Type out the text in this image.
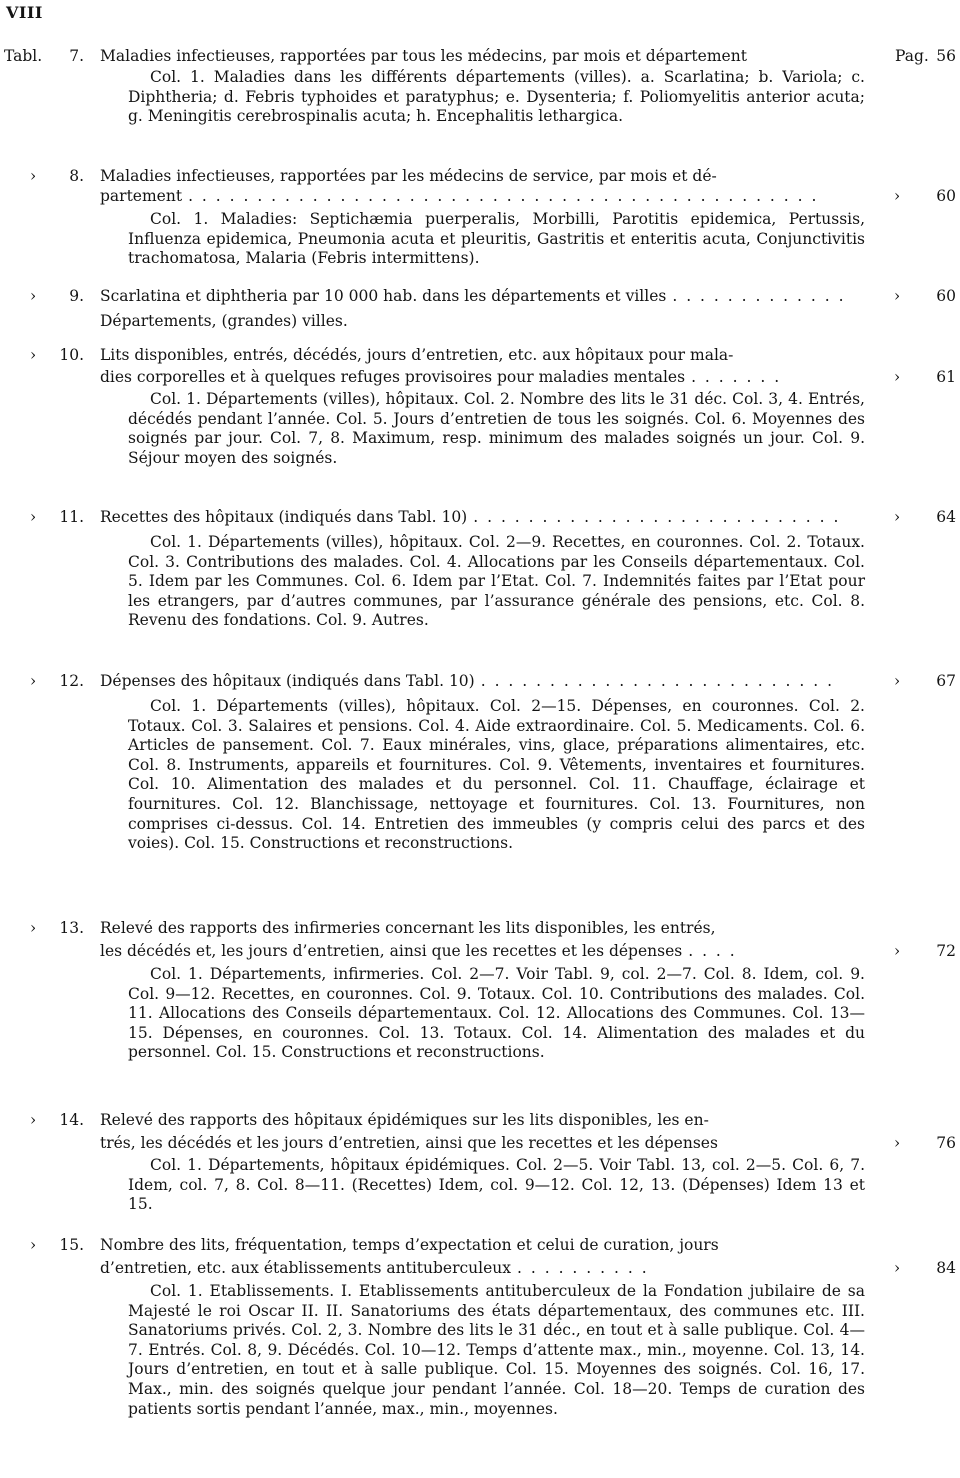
VIII
Tabl.	7. Maladies infectieuses, rapportées par tous les médecins, par mois et département	Pag. 56
Col. 1. Maladies dans les différents départements (villes). a. Scarlatina; b. Variola; c. Diphtheria; d. Febris typhoides et paratyphus; e. Dysenteria; f. Poliomyelitis anterior acuta; g. Meningitis cerebrospinalis acuta; h. Encephalitis lethargica.
›	8. Maladies infectieuses, rapportées par les médecins de service, par mois et dé-
partement . . . . . . . . . . . . . . . . . . . . . . . . . . . . . . . . . . . . . . . . . . . . . .	› 60
Col. 1. Maladies: Septichæmia puerperalis, Morbilli, Parotitis epidemica, Pertussis, Influenza epidemica, Pneumonia acuta et pleuritis, Gastritis et enteritis acuta, Conjunctivitis trachomatosa, Malaria (Febris intermittens).
›	9. Scarlatina et diphtheria par 10 000 hab. dans les départements et villes . . . . . . . . . . . . .	› 60
Départements, (grandes) villes.
› 10. Lits disponibles, entrés, décédés, jours d’entretien, etc. aux hôpitaux pour mala-
dies corporelles et à quelques refuges provisoires pour maladies mentales . . . . . . .	› 61
Col. 1. Départements (villes), hôpitaux. Col. 2. Nombre des lits le 31 déc. Col. 3, 4. Entrés, décédés pendant l’année. Col. 5. Jours d’entretien de tous les soignés. Col. 6. Moyennes des soignés par jour. Col. 7, 8. Maximum, resp. minimum des malades soignés un jour. Col. 9. Séjour moyen des soignés.
› 11. Recettes des hôpitaux (indiqués dans Tabl. 10) . . . . . . . . . . . . . . . . . . . . . . . . . . .	› 64
Col. 1. Départements (villes), hôpitaux. Col. 2—9. Recettes, en couronnes. Col. 2. Totaux. Col. 3. Contributions des malades. Col. 4. Allocations par les Conseils départementaux. Col. 5. Idem par les Communes. Col. 6. Idem par l’Etat. Col. 7. Indemnités faites par l’Etat pour les etrangers, par d’autres communes, par l’assurance générale des pensions, etc. Col. 8. Revenu des fondations. Col. 9. Autres.
› 12. Dépenses des hôpitaux (indiqués dans Tabl. 10) . . . . . . . . . . . . . . . . . . . . . . . . . .	› 67
Col. 1. Départements (villes), hôpitaux. Col. 2—15. Dépenses, en couronnes. Col. 2. Totaux. Col. 3. Salaires et pensions. Col. 4. Aide extraordinaire. Col. 5. Medicaments. Col. 6. Articles de pansement. Col. 7. Eaux minérales, vins, glace, préparations alimentaires, etc. Col. 8. Instruments, appareils et fournitures. Col. 9. Vêtements, inventaires et fournitures. Col. 10. Alimentation des malades et du personnel. Col. 11. Chauffage, éclairage et fournitures. Col. 12. Blanchissage, nettoyage et fournitures. Col. 13. Fournitures, non comprises ci-dessus. Col. 14. Entretien des immeubles (y compris celui des parcs et des voies). Col. 15. Constructions et reconstructions.
› 13. Relevé des rapports des infirmeries concernant les lits disponibles, les entrés,
les décédés et, les jours d’entretien, ainsi que les recettes et les dépenses . . . .	› 72
Col. 1. Départements, infirmeries. Col. 2—7. Voir Tabl. 9, col. 2—7. Col. 8. Idem, col. 9. Col. 9—12. Recettes, en couronnes. Col. 9. Totaux. Col. 10. Contributions des malades. Col. 11. Allocations des Conseils départementaux. Col. 12. Allocations des Communes. Col. 13—15. Dépenses, en couronnes. Col. 13. Totaux. Col. 14. Alimentation des malades et du personnel. Col. 15. Constructions et reconstructions.
› 14. Relevé des rapports des hôpitaux épidémiques sur les lits disponibles, les en-
trés, les décédés et les jours d’entretien, ainsi que les recettes et les dépenses	› 76
Col. 1. Départements, hôpitaux épidémiques. Col. 2—5. Voir Tabl. 13, col. 2—5. Col. 6, 7. Idem, col. 7, 8. Col. 8—11. (Recettes) Idem, col. 9—12. Col. 12, 13. (Dépenses) Idem 13 et 15.
› 15. Nombre des lits, fréquentation, temps d’expectation et celui de curation, jours
d’entretien, etc. aux établissements antituberculeux . . . . . . . . . .	› 84
Col. 1. Etablissements. I. Etablissements antituberculeux de la Fondation jubilaire de sa Majesté le roi Oscar II. II. Sanatoriums des états départementaux, des communes etc. III. Sanatoriums privés. Col. 2, 3. Nombre des lits le 31 déc., en tout et à salle publique. Col. 4—7. Entrés. Col. 8, 9. Décédés. Col. 10—12. Temps d’attente max., min., moyenne. Col. 13, 14. Jours d’entretien, en tout et à salle publique. Col. 15. Moyennes des soignés. Col. 16, 17. Max., min. des soignés quelque jour pendant l’année. Col. 18—20. Temps de curation des patients sortis pendant l’année, max., min., moyennes.
